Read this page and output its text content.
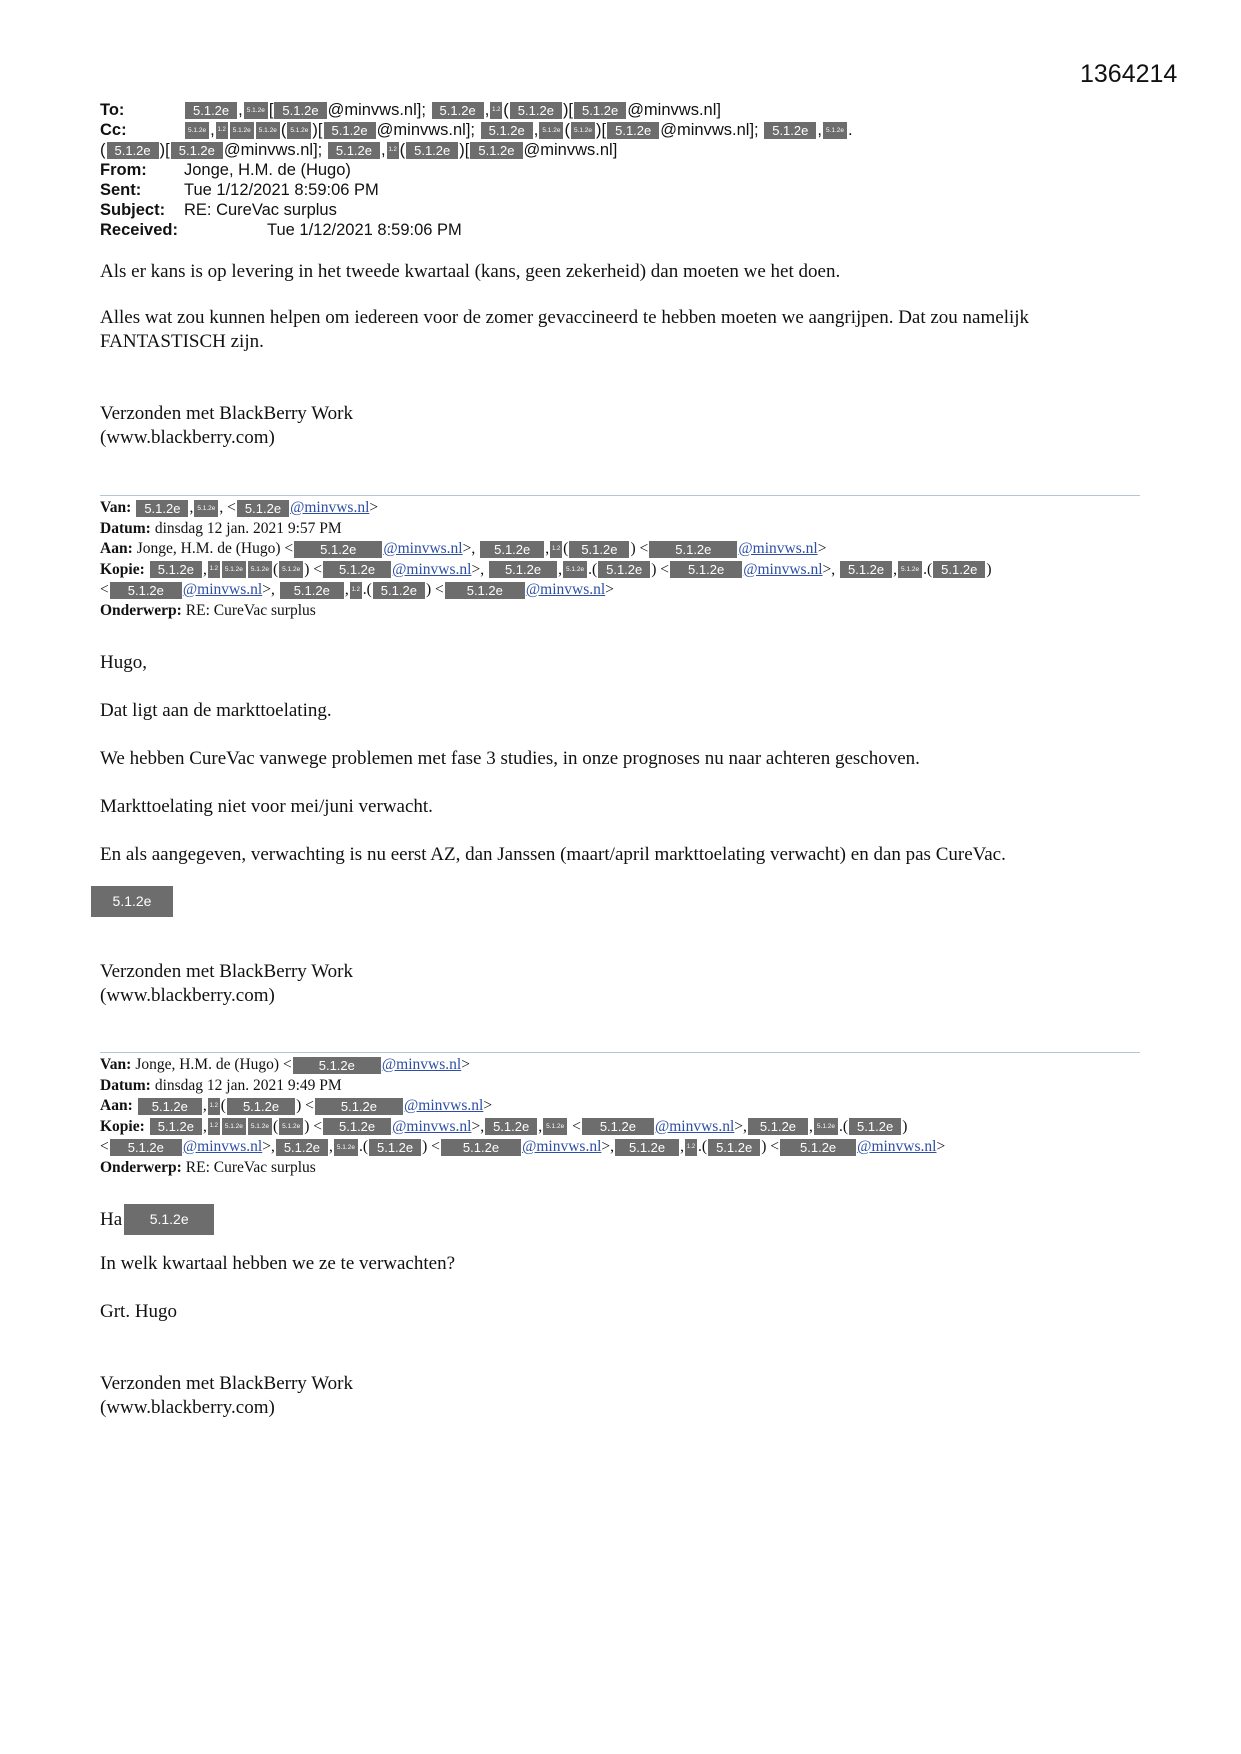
1364214
To:	5.1.2e , 5.1.2e [ 5.1.2e @minvws.nl ]; 5.1.2e , 1.2 ( 5.1.2e )[ 5.1.2e @minvws.nl ]
Cc:	5.1.2e , 1.2	5.1.2e	5.1.2e ( 5.1.2e )[ 5.1.2e @minvws.nl ]; 5.1.2e , 5.1.2e ( 5.1.2e )[ 5.1.2e @minvws.nl ]; 5.1.2e , 5.1.2e .
( 5.1.2e )[ 5.1.2e @minvws.nl ]; 5.1.2e , 1.2 ( 5.1.2e )[ 5.1.2e @minvws.nl ]
From:	Jonge, H.M. de (Hugo)
Sent:	Tue 1/12/2021 8:59:06 PM
Subject:	RE: CureVac surplus
Received:	Tue 1/12/2021 8:59:06 PM

Als er kans is op levering in het tweede kwartaal (kans, geen zekerheid) dan moeten we het doen.

Alles wat zou kunnen helpen om iedereen voor de zomer gevaccineerd te hebben moeten we aangrijpen. Dat zou namelijk FANTASTISCH zijn.

Verzonden met BlackBerry Work

(www.blackberry.com)

Van:	5.1.2e , 5.1.2e , < 5.1.2e @minvws.nl >
Datum: dinsdag 12 jan. 2021 9:57 PM
Aan: Jonge, H.M. de (Hugo) <	5.1.2e	@minvws.nl >,	5.1.2e , 1.2 (	5.1.2e ) <	5.1.2e	@minvws.nl >
Kopie:	5.1.2e , 1.2	5.1.2e	5.1.2e ( 5.1.2e ) <	5.1.2e	@minvws.nl >,	5.1.2e	, 5.1.2e .( 5.1.2e ) <	5.1.2e	@minvws.nl >, 5.1.2e , 5.1.2e .( 5.1.2e )
<	5.1.2e	@minvws.nl >,	5.1.2e , 1.2 .( 5.1.2e ) <	5.1.2e	@minvws.nl >
Onderwerp: RE: CureVac surplus

Hugo,

Dat ligt aan de markttoelating.

We hebben CureVac vanwege problemen met fase 3 studies, in onze prognoses nu naar achteren geschoven.

Markttoelating niet voor mei/juni verwacht.

En als aangegeven, verwachting is nu eerst AZ, dan Janssen (maart/april markttoelating verwacht) en dan pas CureVac.

5.1.2e

Verzonden met BlackBerry Work

(www.blackberry.com)

Van: Jonge, H.M. de (Hugo) <	5.1.2e	@minvws.nl >
Datum: dinsdag 12 jan. 2021 9:49 PM
Aan:	5.1.2e , 1.2 (	5.1.2e	) <	5.1.2e	@minvws.nl >
Kopie:	5.1.2e , 1.2	5.1.2e	5.1.2e ( 5.1.2e ) <	5.1.2e	@minvws.nl >, 5.1.2e , 5.1.2e <	5.1.2e	@minvws.nl >,	5.1.2e , 5.1.2e .( 5.1.2e )
<	5.1.2e	@minvws.nl >, 5.1.2e , 5.1.2e .( 5.1.2e ) <	5.1.2e	@minvws.nl >,	5.1.2e , 1.2 .( 5.1.2e ) <	5.1.2e	@minvws.nl >
Onderwerp: RE: CureVac surplus
Ha	5.1.2e

In welk kwartaal hebben we ze te verwachten?

Grt. Hugo

Verzonden met BlackBerry Work

(www.blackberry.com)
